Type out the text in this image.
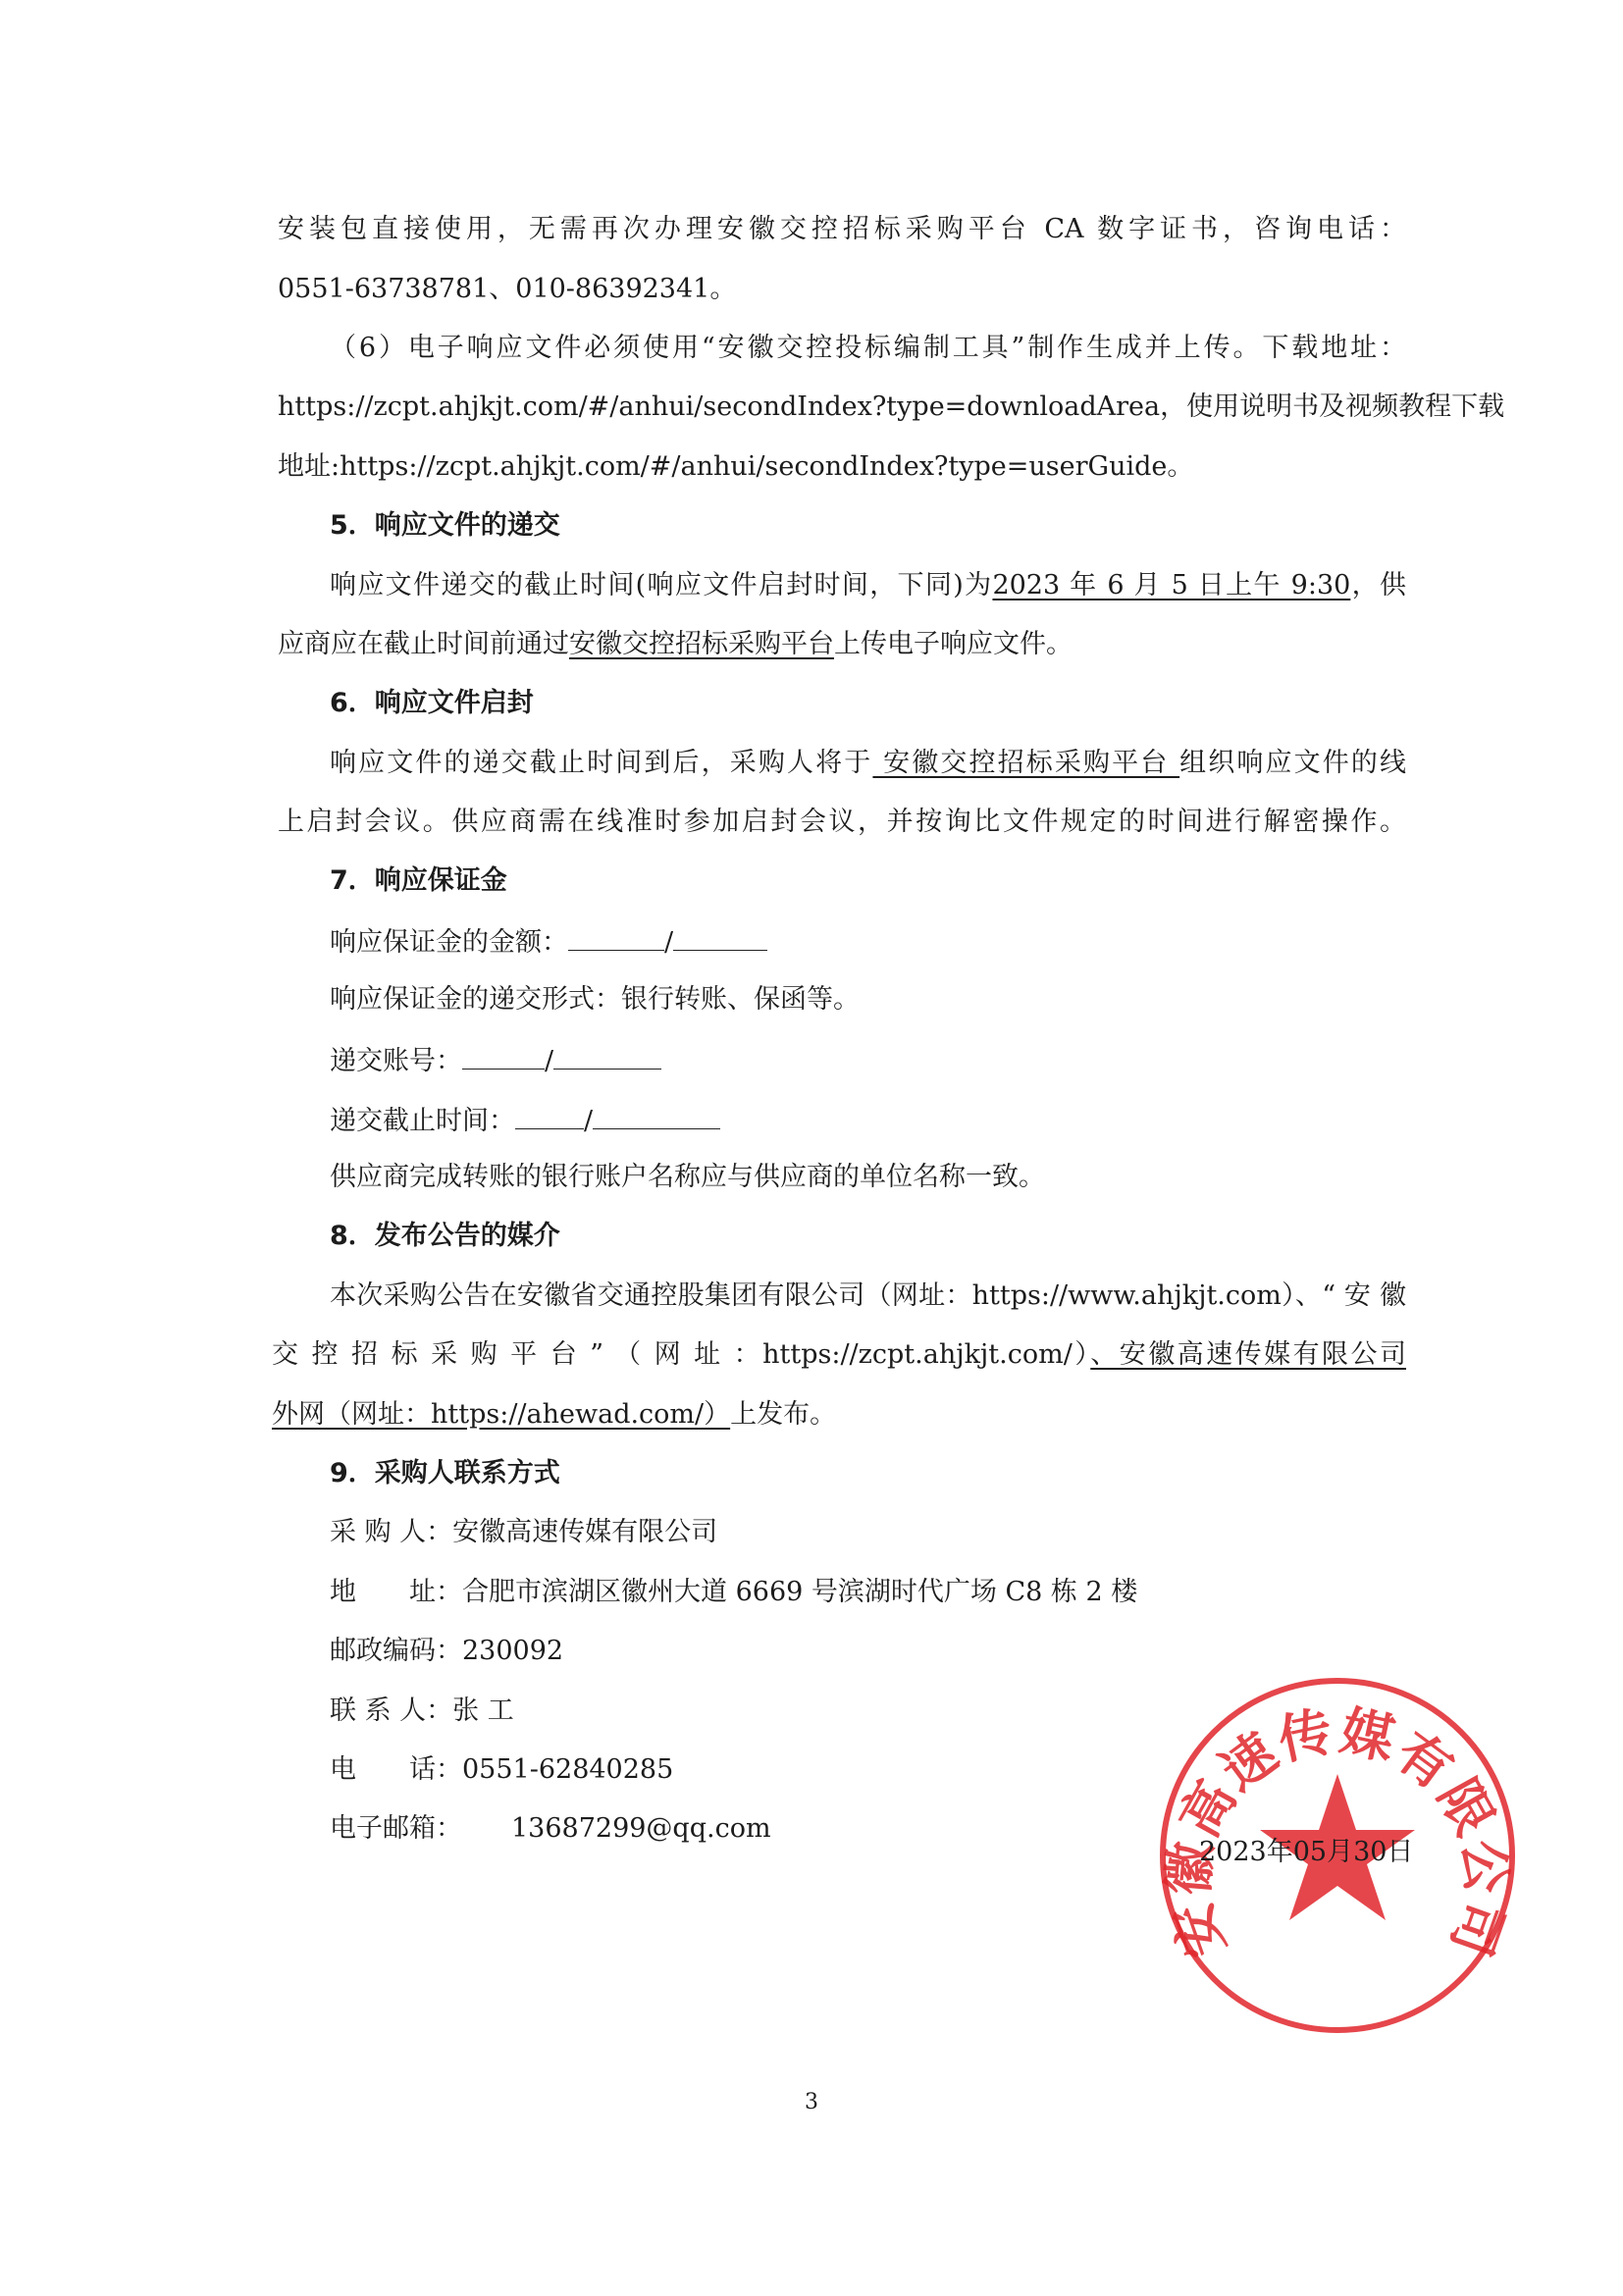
安装包直接使用，无需再次办理安徽交控招标采购平台 CA 数字证书，咨询电话：
0551-63738781、010-86392341。
（6）电子响应文件必须使用“安徽交控投标编制工具”制作生成并上传。下载地址：
https://zcpt.ahjkjt.com/#/anhui/secondIndex?type=downloadArea，使用说明书及视频教程下载
地址:https://zcpt.ahjkjt.com/#/anhui/secondIndex?type=userGuide。
5．响应文件的递交
响应文件递交的截止时间(响应文件启封时间，下同)为2023 年 6 月 5 日上午 9:30，供
应商应在截止时间前通过安徽交控招标采购平台上传电子响应文件。
6．响应文件启封
响应文件的递交截止时间到后，采购人将于 安徽交控招标采购平台 组织响应文件的线
上启封会议。供应商需在线准时参加启封会议，并按询比文件规定的时间进行解密操作。
7．响应保证金
响应保证金的金额：	/
响应保证金的递交形式：银行转账、保函等。
递交账号：	/
递交截止时间：	/
供应商完成转账的银行账户名称应与供应商的单位名称一致。
8．发布公告的媒介
本次采购公告在安徽省交通控股集团有限公司（网址：https://www.ahjkjt.com）、“ 安 徽
交 控 招 标 采 购 平 台 ” （ 网 址 ：https://zcpt.ahjkjt.com/）、安徽高速传媒有限公司
外网（网址：https://ahewad.com/）上发布。
9．采购人联系方式
采 购 人：安徽高速传媒有限公司
地　　址：合肥市滨湖区徽州大道 6669 号滨湖时代广场 C8 栋 2 楼
邮政编码：230092
联 系 人：张 工
电　　话：0551-62840285
电子邮箱： 13687299@qq.com
安徽高速传媒有限公司
2023年05月30日
3
